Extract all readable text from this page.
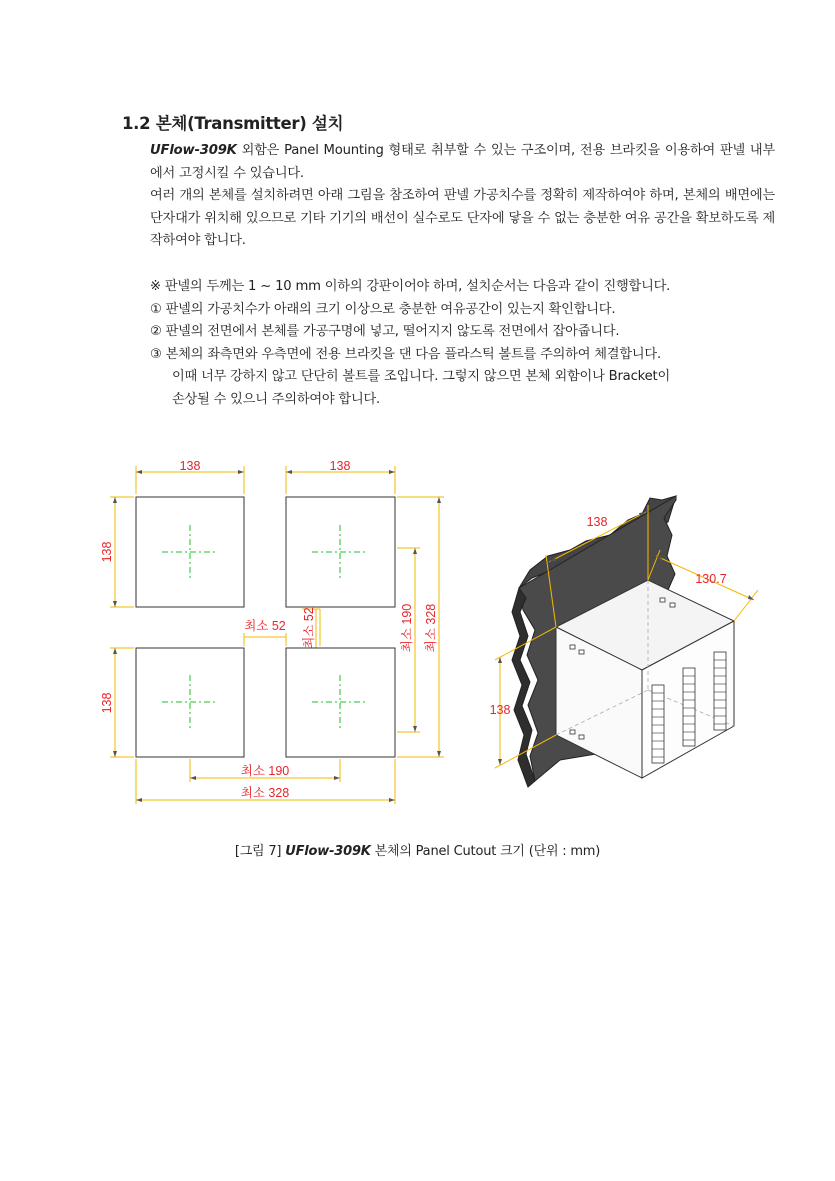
1.2 본체(Transmitter) 설치

UFlow-309K 외함은 Panel Mounting 형태로 취부할 수 있는 구조이며, 전용 브라킷을 이용하여 판넬 내부에서 고정시킬 수 있습니다.

여러 개의 본체를 설치하려면 아래 그림을 참조하여 판넬 가공치수를 정확히 제작하여야 하며, 본체의 배면에는 단자대가 위치해 있으므로 기타 기기의 배선이 실수로도 단자에 닿을 수 없는 충분한 여유 공간을 확보하도록 제작하여야 합니다.

※ 판넬의 두께는 1 ~ 10 mm 이하의 강판이어야 하며, 설치순서는 다음과 같이 진행합니다.

① 판넬의 가공치수가 아래의 크기 이상으로 충분한 여유공간이 있는지 확인합니다.

② 판넬의 전면에서 본체를 가공구명에 넣고, 떨어지지 않도록 전면에서 잡아줍니다.

③ 본체의 좌측면와 우측면에 전용 브라킷을 댄 다음 플라스틱 볼트를 주의하여 체결합니다.

이때 너무 강하지 않고 단단히 볼트를 조입니다. 그렇지 않으면 본체 외함이나 Bracket이

손상될 수 있으니 주의하여야 합니다.

138	138
138
138
최소 52 최소 52	최소 190 최소 328
최소 190
최소 328
138
130.7
138
[그림 7] UFlow-309K 본체의 Panel Cutout 크기 (단위 : mm)
